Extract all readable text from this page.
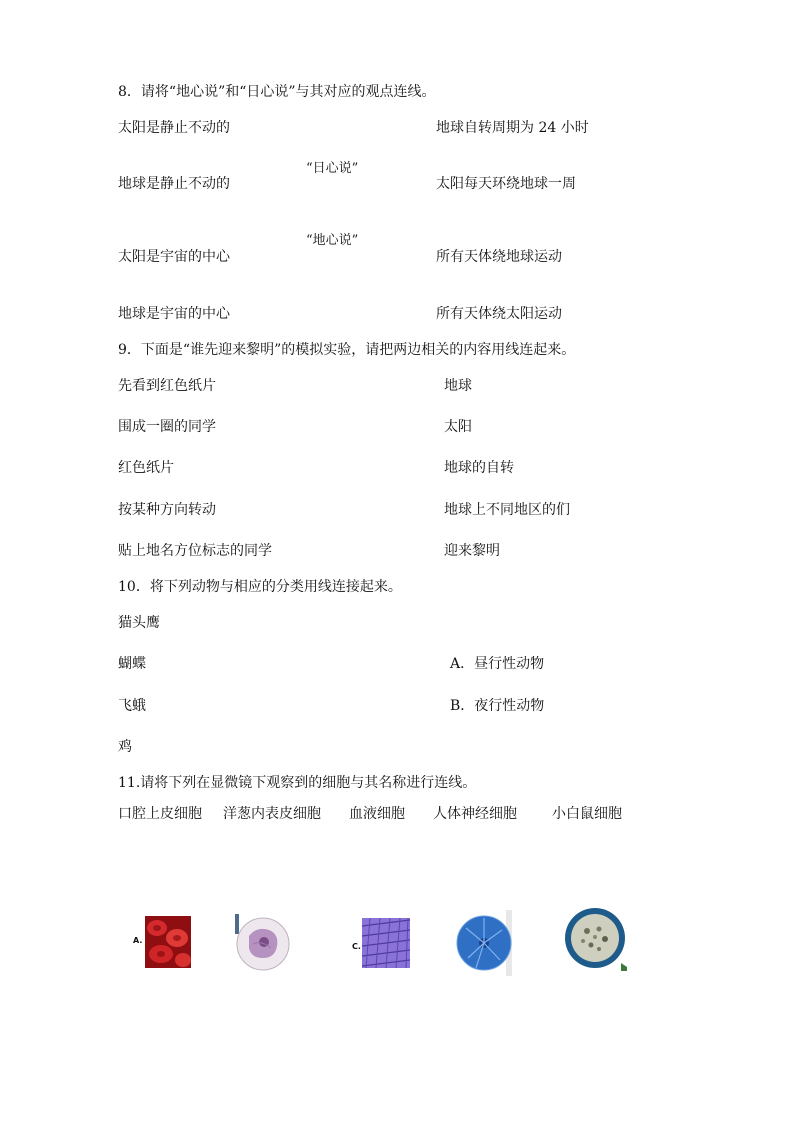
8．请将“地心说”和“日心说”与其对应的观点连线。
太阳是静止不动的
地球是静止不动的
太阳是宇宙的中心
地球是宇宙的中心
“日心说”
“地心说”
地球自转周期为 24 小时
太阳每天环绕地球一周
所有天体绕地球运动
所有天体绕太阳运动
9．下面是“谁先迎来黎明”的模拟实验，请把两边相关的内容用线连起来。
先看到红色纸片
围成一圈的同学
红色纸片
按某种方向转动
贴上地名方位标志的同学
地球
太阳
地球的自转
地球上不同地区的们
迎来黎明
10．将下列动物与相应的分类用线连接起来。
猫头鹰
蝴蝶
飞蛾
鸡
A．昼行性动物
B．夜行性动物
11.请将下列在显微镜下观察到的细胞与其名称进行连线。
口腔上皮细胞 洋葱内表皮细胞 血液细胞 人体神经细胞	小白鼠细胞
A.
C.
